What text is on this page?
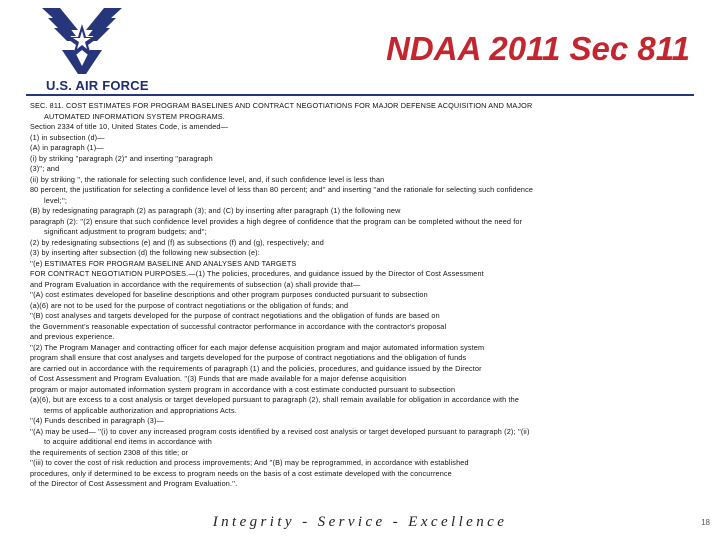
U.S. AIR FORCE
NDAA 2011 Sec 811
SEC. 811. COST ESTIMATES FOR PROGRAM BASELINES AND CONTRACT NEGOTIATIONS FOR MAJOR DEFENSE ACQUISITION AND MAJOR
AUTOMATED INFORMATION SYSTEM PROGRAMS.
Section 2334 of title 10, United States Code, is amended—
(1) in subsection (d)—
(A) in paragraph (1)—
(i) by striking ''paragraph (2)'' and inserting ''paragraph
(3)''; and
(ii) by striking '', the rationale for selecting such confidence level, and, if such confidence level is less than
80 percent, the justification for selecting a confidence level of less than 80 percent; and'' and inserting ''and the rationale for selecting such confidence
level;'';
(B) by redesignating paragraph (2) as paragraph (3); and (C) by inserting after paragraph (1) the following new
paragraph (2): ''(2) ensure that such confidence level provides a high degree of confidence that the program can be completed without the need for
significant adjustment to program budgets; and'';
(2) by redesignating subsections (e) and (f) as subsections (f) and (g), respectively; and
(3) by inserting after subsection (d) the following new subsection (e):
''(e) ESTIMATES FOR PROGRAM BASELINE AND ANALYSES AND TARGETS
FOR CONTRACT NEGOTIATION PURPOSES.—(1) The policies, procedures, and guidance issued by the Director of Cost Assessment
and Program Evaluation in accordance with the requirements of subsection (a) shall provide that—
''(A) cost estimates developed for baseline descriptions and other program purposes conducted pursuant to subsection
(a)(6) are not to be used for the purpose of contract negotiations or the obligation of funds; and
''(B) cost analyses and targets developed for the purpose of contract negotiations and the obligation of funds are based on
the Government's reasonable expectation of successful contractor performance in accordance with the contractor's proposal
and previous experience.
''(2) The Program Manager and contracting officer for each major defense acquisition program and major automated information system
program shall ensure that cost analyses and targets developed for the purpose of contract negotiations and the obligation of funds
are carried out in accordance with the requirements of paragraph (1) and the policies, procedures, and guidance issued by the Director
of Cost Assessment and Program Evaluation. ''(3) Funds that are made available for a major defense acquisition
program or major automated information system program in accordance with a cost estimate conducted pursuant to subsection
(a)(6), but are excess to a cost analysis or target developed pursuant to paragraph (2), shall remain available for obligation in accordance with the
terms of applicable authorization and appropriations Acts.
''(4) Funds described in paragraph (3)—
''(A) may be used— ''(i) to cover any increased program costs identified by a revised cost analysis or target developed pursuant to paragraph (2); ''(ii)
to acquire additional end items in accordance with
the requirements of section 2308 of this title; or
''(iii) to cover the cost of risk reduction and process improvements; And ''(B) may be reprogrammed, in accordance with established
procedures, only if determined to be excess to program needs on the basis of a cost estimate developed with the concurrence
of the Director of Cost Assessment and Program Evaluation.''.
Integrity - Service - Excellence	18
